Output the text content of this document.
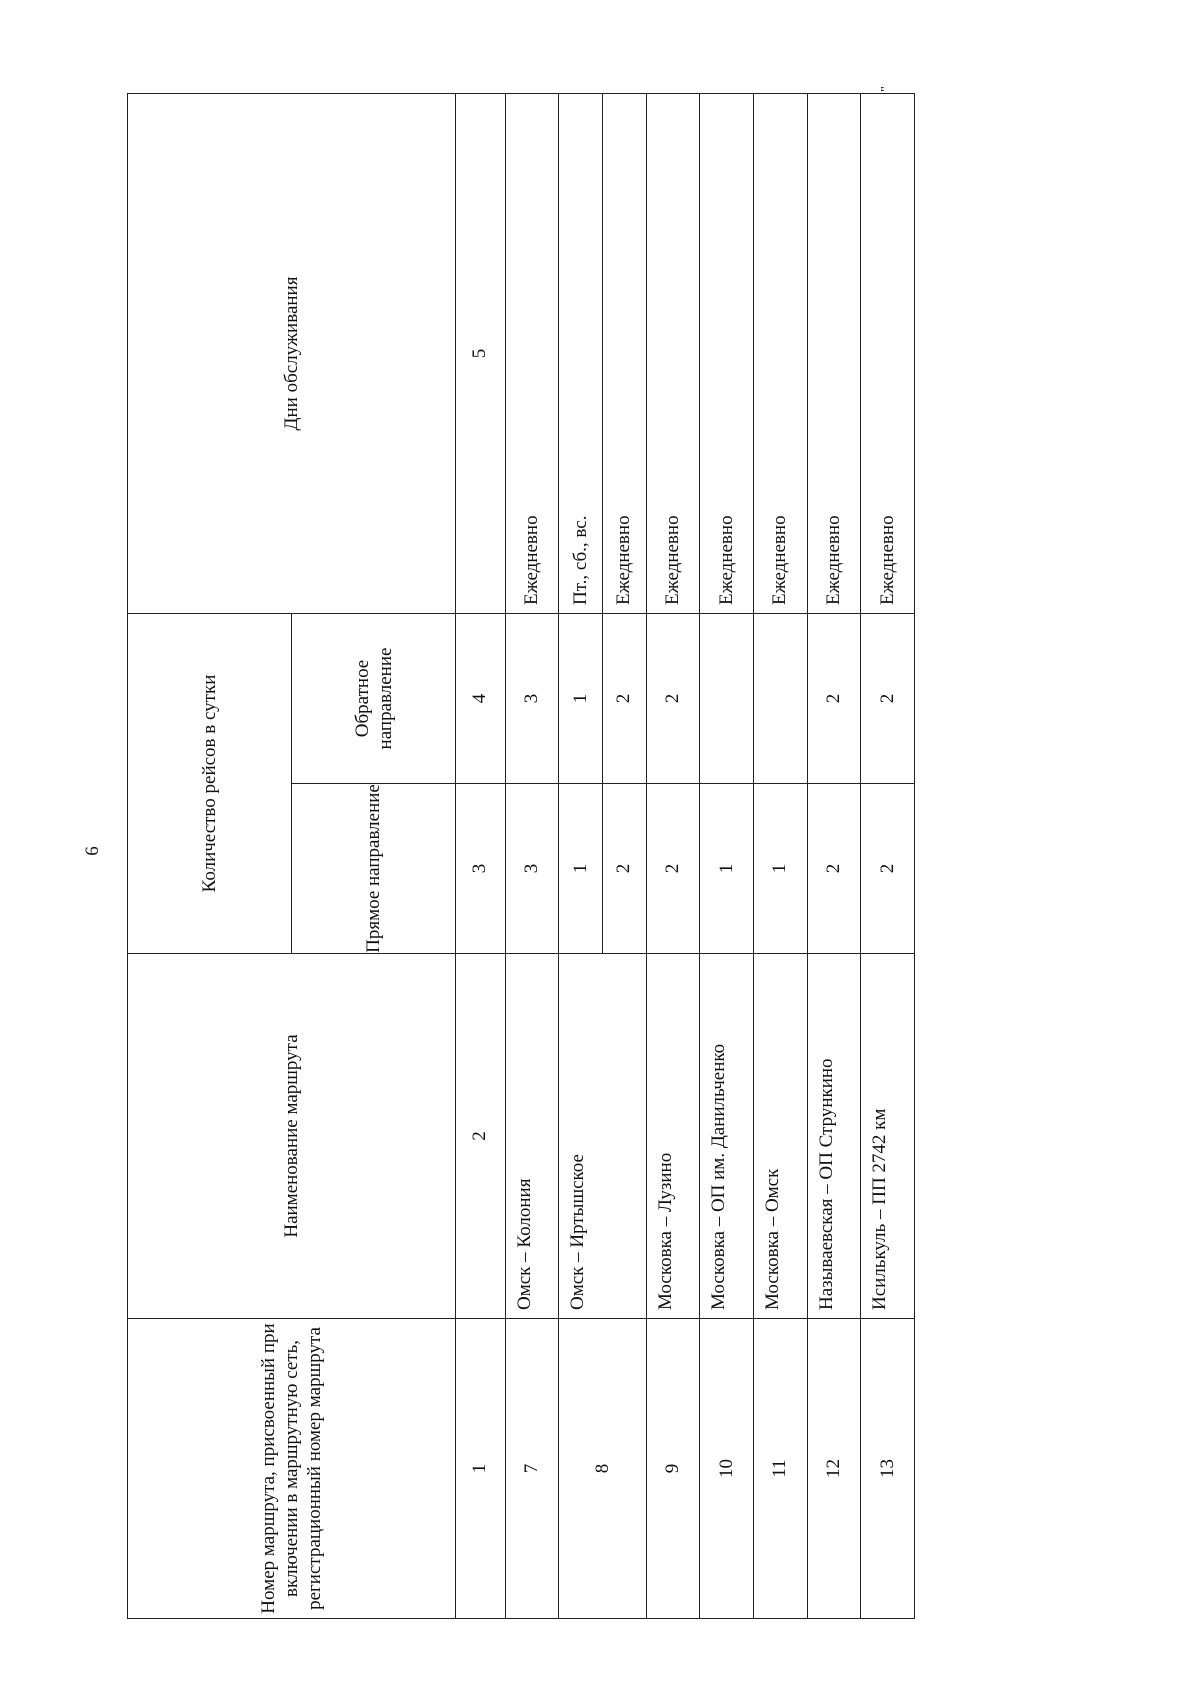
6
"
Номер маршрута, присвоенный при включении в маршрутную сеть, регистрационный номер маршрута	Наименование маршрута	Количество рейсов в сутки		Дни обслуживания
		Прямое направление	Обратное направление	
1	2	3	4	5
7	Омск – Колония	3	3	Ежедневно
8	Омск – Иртышское	1	1	Пт., сб., вс.
		2	2	Ежедневно
9	Московка – Лузино	2	2	Ежедневно
10	Московка – ОП им. Данильченко	1		Ежедневно
11	Московка – Омск	1		Ежедневно
12	Называевская – ОП Стрункино	2	2	Ежедневно
13	Исилькуль – ПП 2742 км	2	2	Ежедневно
